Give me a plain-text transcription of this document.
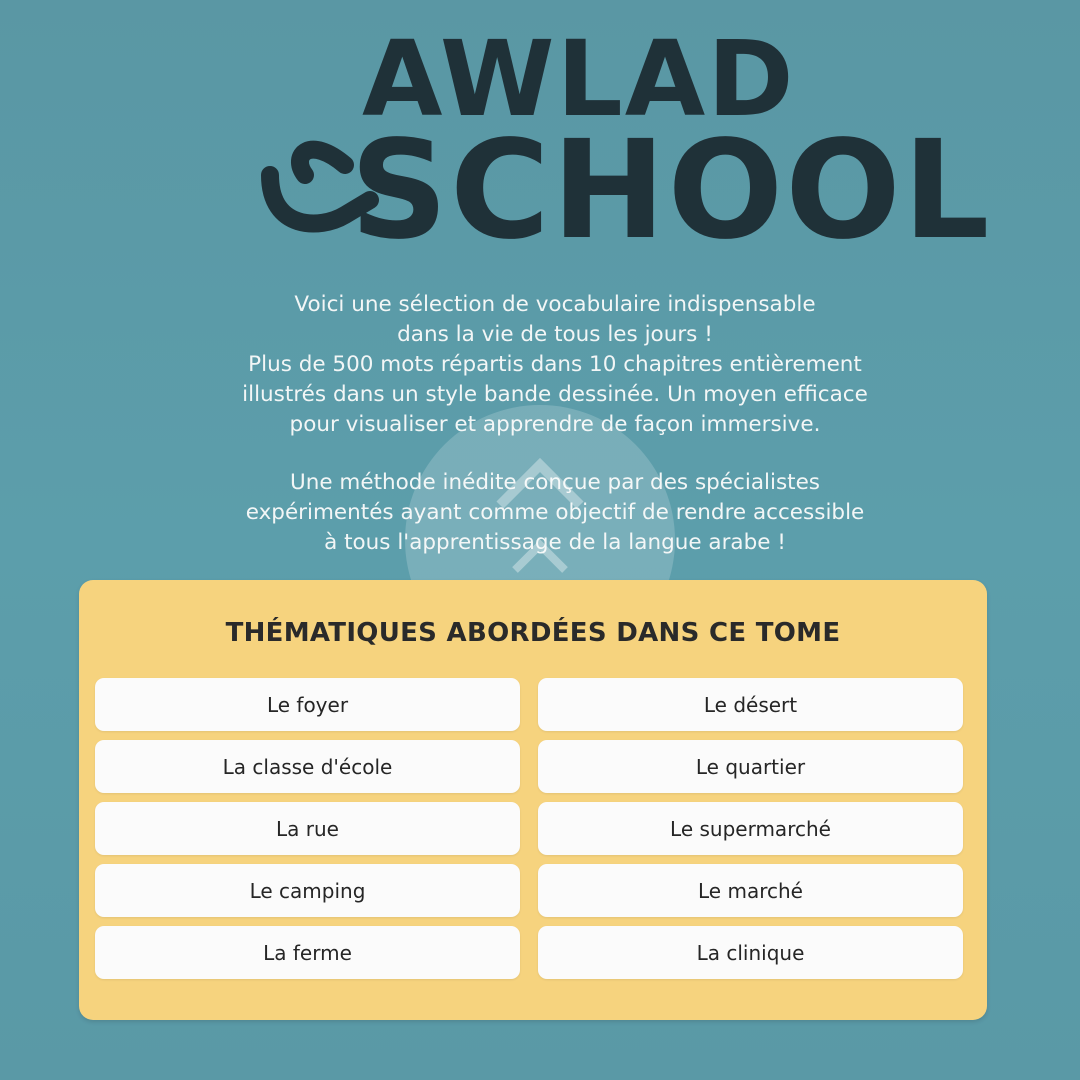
AWLAD
SCHOOL

Voici une sélection de vocabulaire indispensable
dans la vie de tous les jours !
Plus de 500 mots répartis dans 10 chapitres entièrement
illustrés dans un style bande dessinée. Un moyen efficace
pour visualiser et apprendre de façon immersive.

Une méthode inédite conçue par des spécialistes
expérimentés ayant comme objectif de rendre accessible
à tous l'apprentissage de la langue arabe !

THÉMATIQUES ABORDÉES DANS CE TOME
Le foyer	Le désert
La classe d'école	Le quartier
La rue	Le supermarché
Le camping	Le marché
La ferme	La clinique
